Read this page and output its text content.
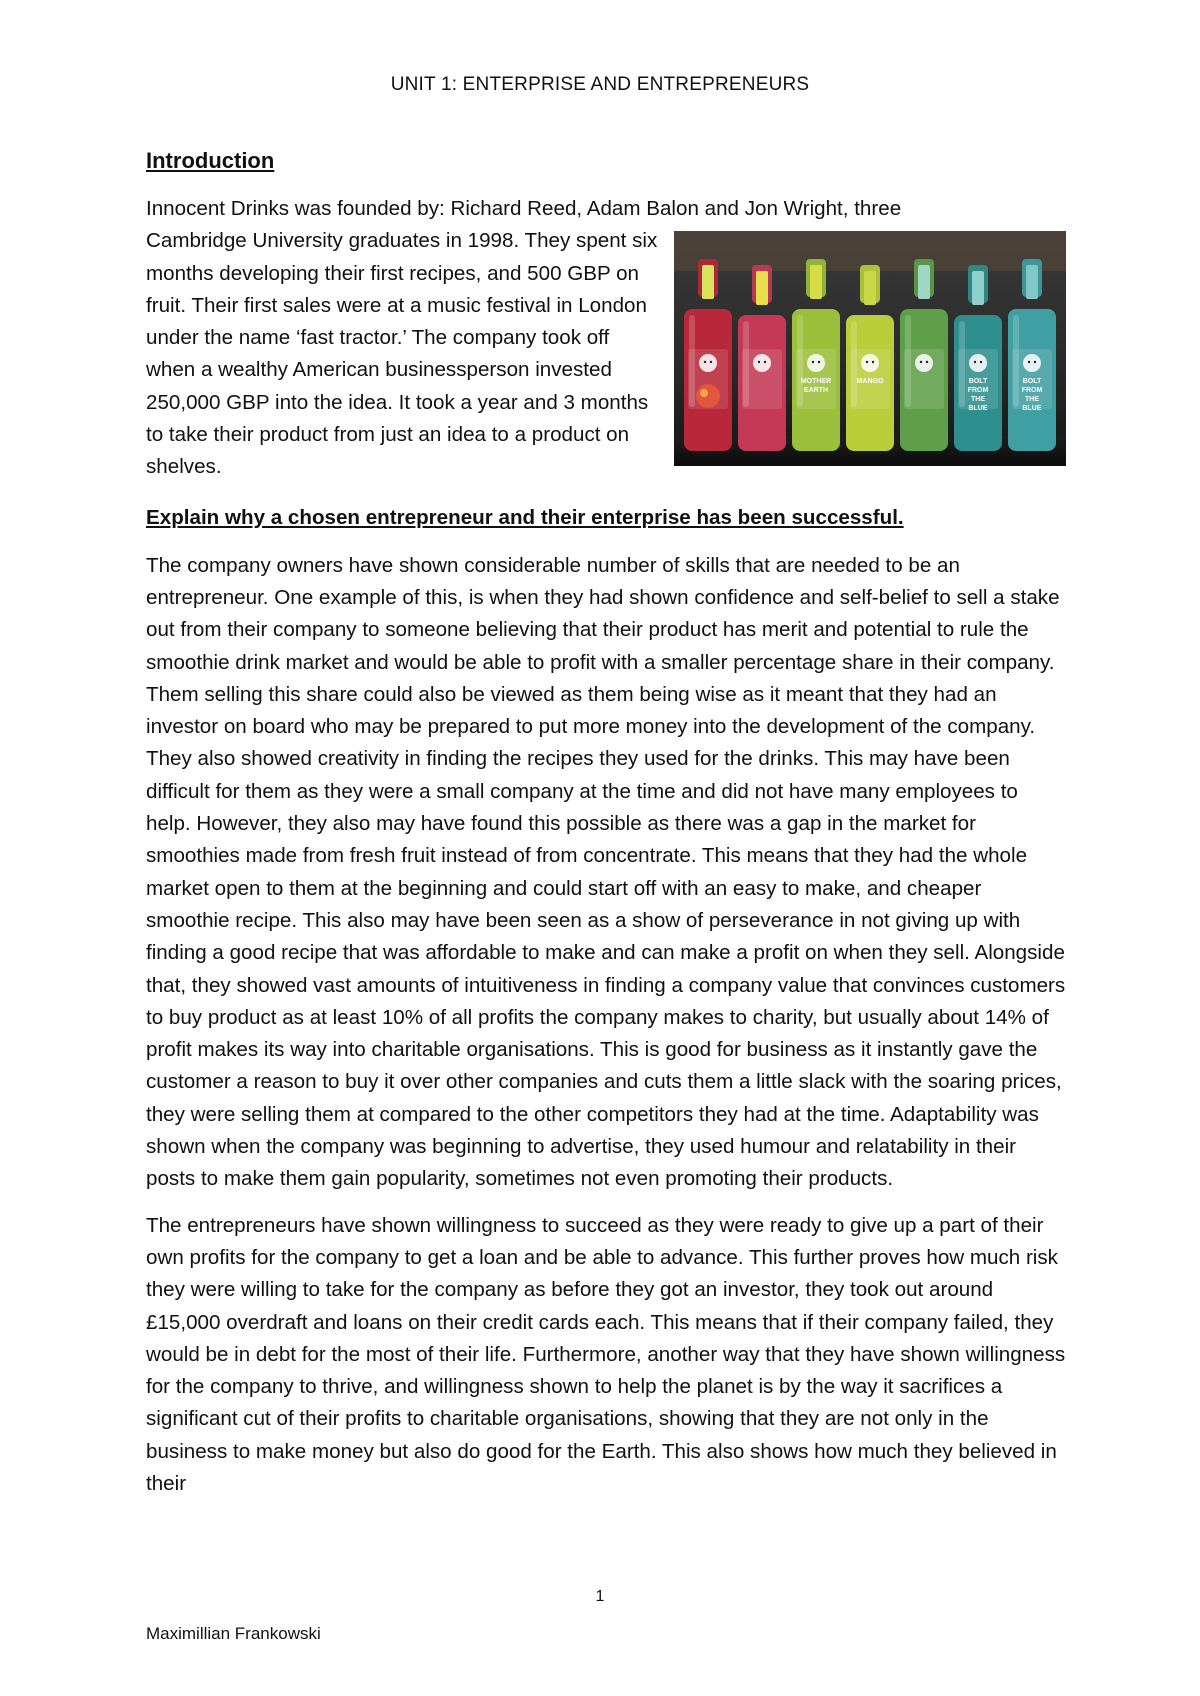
UNIT 1: ENTERPRISE AND ENTREPRENEURS
Introduction

Innocent Drinks was founded by: Richard Reed, Adam Balon and Jon Wright, three

MOTHER
EARTH
MANGO	BOLT
FROM
THE
BLUE
BOLT
FROM
THE
BLUE

Cambridge University graduates in 1998. They spent six months developing their first recipes, and 500 GBP on fruit. Their first sales were at a music festival in London under the name ‘fast tractor.’ The company took off when a wealthy American businessperson invested 250,000 GBP into the idea. It took a year and 3 months to take their product from just an idea to a product on shelves.

Explain why a chosen entrepreneur and their enterprise has been successful.

The company owners have shown considerable number of skills that are needed to be an entrepreneur. One example of this, is when they had shown confidence and self-belief to sell a stake out from their company to someone believing that their product has merit and potential to rule the smoothie drink market and would be able to profit with a smaller percentage share in their company. Them selling this share could also be viewed as them being wise as it meant that they had an investor on board who may be prepared to put more money into the development of the company. They also showed creativity in finding the recipes they used for the drinks. This may have been difficult for them as they were a small company at the time and did not have many employees to help. However, they also may have found this possible as there was a gap in the market for smoothies made from fresh fruit instead of from concentrate. This means that they had the whole market open to them at the beginning and could start off with an easy to make, and cheaper smoothie recipe. This also may have been seen as a show of perseverance in not giving up with finding a good recipe that was affordable to make and can make a profit on when they sell. Alongside that, they showed vast amounts of intuitiveness in finding a company value that convinces customers to buy product as at least 10% of all profits the company makes to charity, but usually about 14% of profit makes its way into charitable organisations. This is good for business as it instantly gave the customer a reason to buy it over other companies and cuts them a little slack with the soaring prices, they were selling them at compared to the other competitors they had at the time. Adaptability was shown when the company was beginning to advertise, they used humour and relatability in their posts to make them gain popularity, sometimes not even promoting their products.

The entrepreneurs have shown willingness to succeed as they were ready to give up a part of their own profits for the company to get a loan and be able to advance. This further proves how much risk they were willing to take for the company as before they got an investor, they took out around £15,000 overdraft and loans on their credit cards each. This means that if their company failed, they would be in debt for the most of their life. Furthermore, another way that they have shown willingness for the company to thrive, and willingness shown to help the planet is by the way it sacrifices a significant cut of their profits to charitable organisations, showing that they are not only in the business to make money but also do good for the Earth. This also shows how much they believed in their

1
Maximillian Frankowski
